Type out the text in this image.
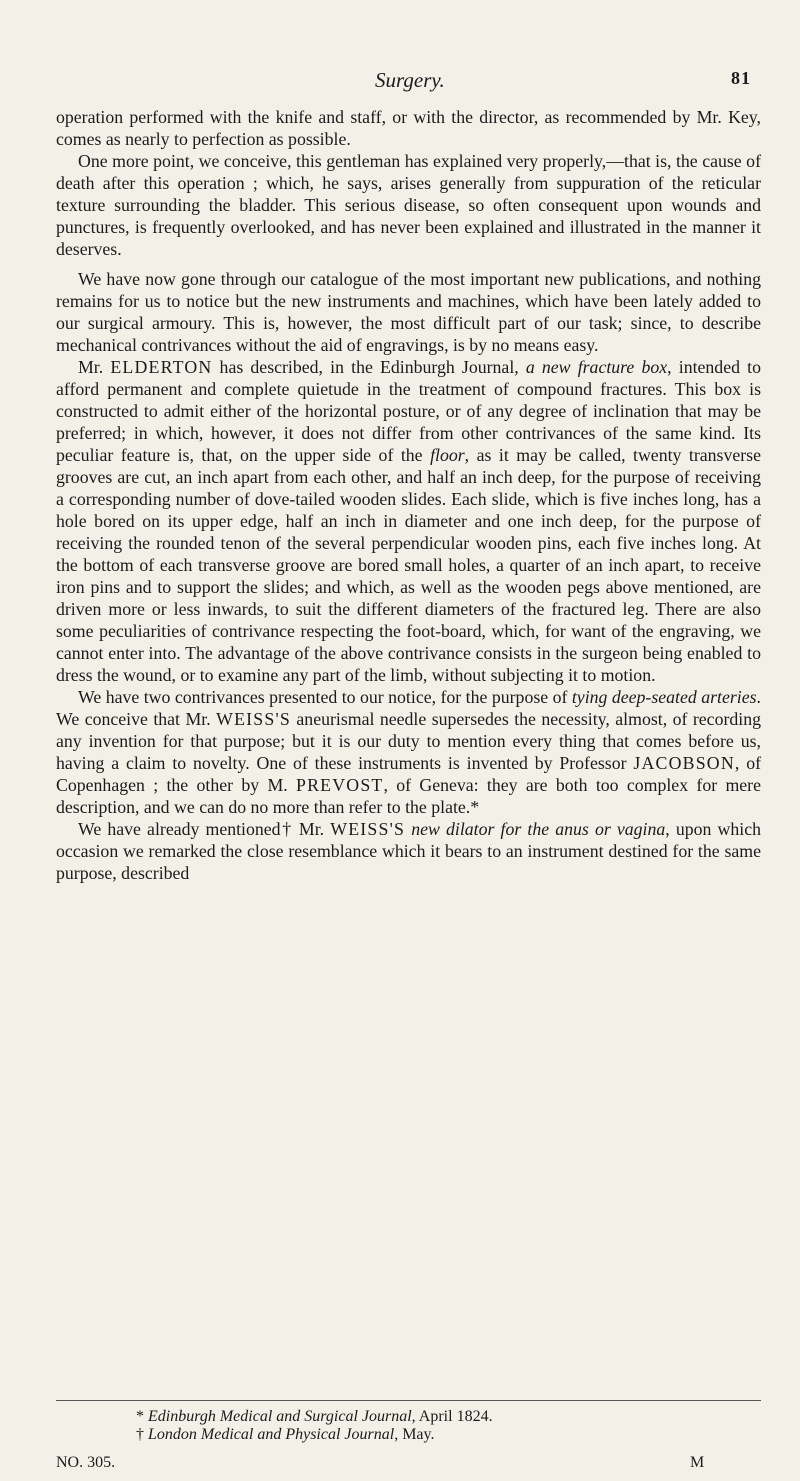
Surgery.	81

operation performed with the knife and staff, or with the director, as recommended by Mr. Key, comes as nearly to perfection as possible.

One more point, we conceive, this gentleman has explained very properly,—that is, the cause of death after this operation ; which, he says, arises generally from suppuration of the reticular texture surrounding the bladder. This serious disease, so often consequent upon wounds and punctures, is frequently overlooked, and has never been explained and illustrated in the manner it deserves.

We have now gone through our catalogue of the most important new publications, and nothing remains for us to notice but the new instruments and machines, which have been lately added to our surgical armoury. This is, however, the most difficult part of our task; since, to describe mechanical contrivances without the aid of engravings, is by no means easy.

Mr. ELDERTON has described, in the Edinburgh Journal, a new fracture box, intended to afford permanent and complete quietude in the treatment of compound fractures. This box is constructed to admit either of the horizontal posture, or of any degree of inclination that may be preferred; in which, however, it does not differ from other contrivances of the same kind. Its peculiar feature is, that, on the upper side of the floor, as it may be called, twenty transverse grooves are cut, an inch apart from each other, and half an inch deep, for the purpose of receiving a corresponding number of dove-tailed wooden slides. Each slide, which is five inches long, has a hole bored on its upper edge, half an inch in diameter and one inch deep, for the purpose of receiving the rounded tenon of the several perpendicular wooden pins, each five inches long. At the bottom of each transverse groove are bored small holes, a quarter of an inch apart, to receive iron pins and to support the slides; and which, as well as the wooden pegs above mentioned, are driven more or less inwards, to suit the different diameters of the fractured leg. There are also some peculiarities of contrivance respecting the foot-board, which, for want of the engraving, we cannot enter into. The advantage of the above contrivance consists in the surgeon being enabled to dress the wound, or to examine any part of the limb, without subjecting it to motion.

We have two contrivances presented to our notice, for the purpose of tying deep-seated arteries. We conceive that Mr. WEISS'S aneurismal needle supersedes the necessity, almost, of recording any invention for that purpose; but it is our duty to mention every thing that comes before us, having a claim to novelty. One of these instruments is invented by Professor JACOBSON, of Copenhagen ; the other by M. PREVOST, of Geneva: they are both too complex for mere description, and we can do no more than refer to the plate.*

We have already mentioned† Mr. WEISS'S new dilator for the anus or vagina, upon which occasion we remarked the close resemblance which it bears to an instrument destined for the same purpose, described

* Edinburgh Medical and Surgical Journal, April 1824.

† London Medical and Physical Journal, May.

NO. 305.	M
